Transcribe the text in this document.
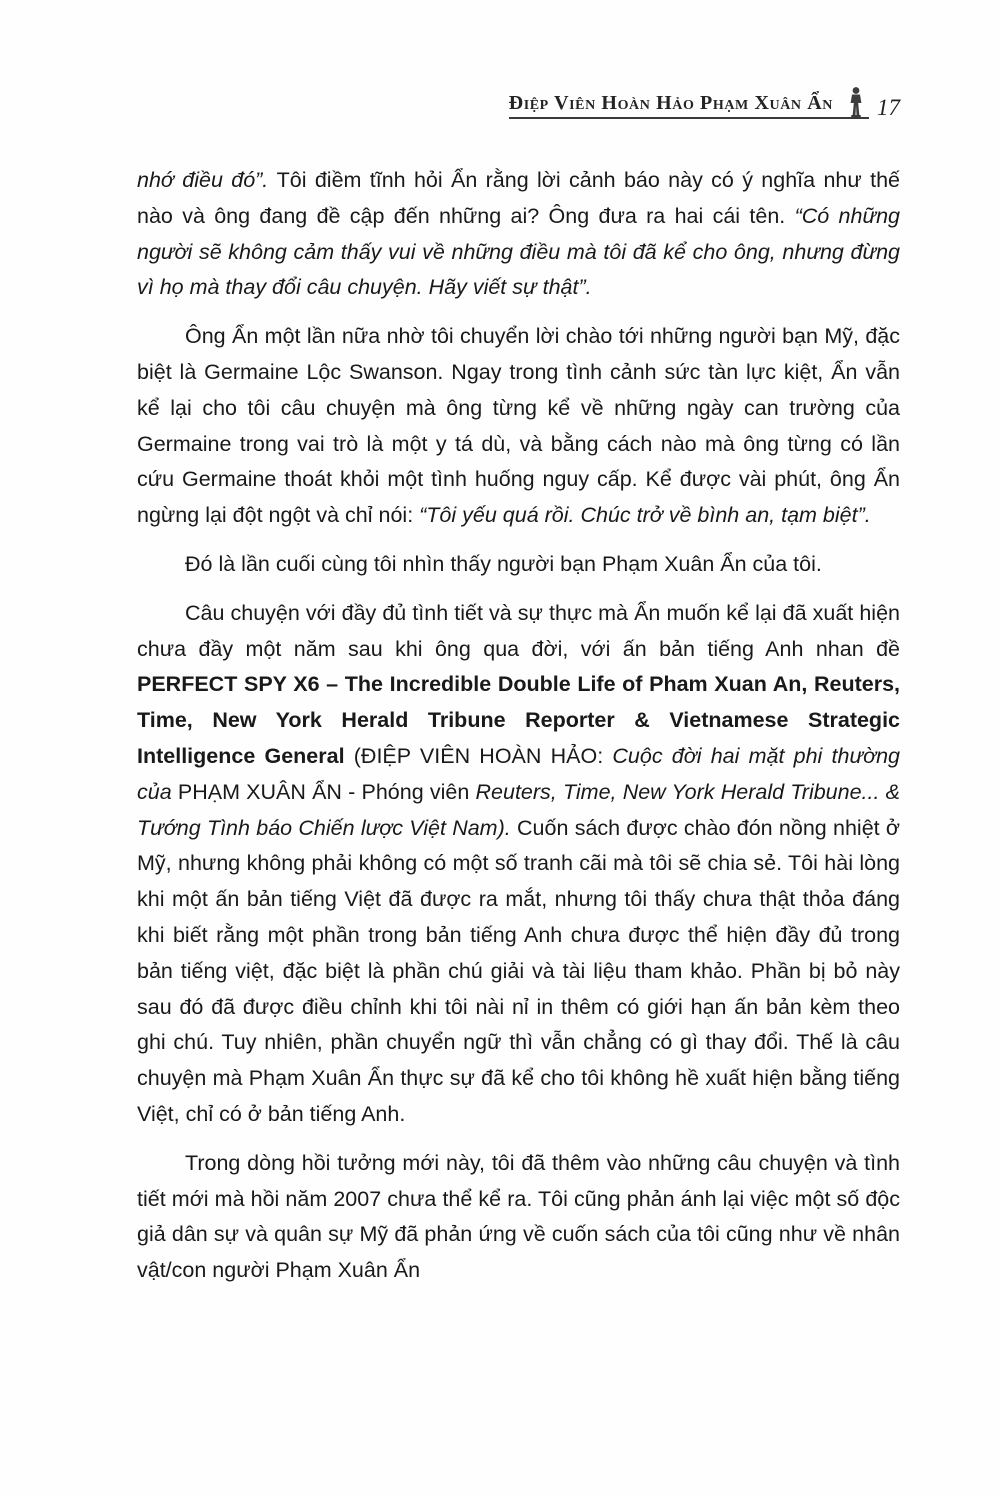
Điệp Viên Hoàn Hảo Phạm Xuân Ẩn	17

nhớ điều đó”. Tôi điềm tĩnh hỏi Ẩn rằng lời cảnh báo này có ý nghĩa như thế nào và ông đang đề cập đến những ai? Ông đưa ra hai cái tên. “Có những người sẽ không cảm thấy vui về những điều mà tôi đã kể cho ông, nhưng đừng vì họ mà thay đổi câu chuyện. Hãy viết sự thật”.

Ông Ẩn một lần nữa nhờ tôi chuyển lời chào tới những người bạn Mỹ, đặc biệt là Germaine Lộc Swanson. Ngay trong tình cảnh sức tàn lực kiệt, Ẩn vẫn kể lại cho tôi câu chuyện mà ông từng kể về những ngày can trường của Germaine trong vai trò là một y tá dù, và bằng cách nào mà ông từng có lần cứu Germaine thoát khỏi một tình huống nguy cấp. Kể được vài phút, ông Ẩn ngừng lại đột ngột và chỉ nói: “Tôi yếu quá rồi. Chúc trở về bình an, tạm biệt”.

Đó là lần cuối cùng tôi nhìn thấy người bạn Phạm Xuân Ẩn của tôi.

Câu chuyện với đầy đủ tình tiết và sự thực mà Ẩn muốn kể lại đã xuất hiện chưa đầy một năm sau khi ông qua đời, với ấn bản tiếng Anh nhan đề PERFECT SPY X6 – The Incredible Double Life of Pham Xuan An, Reuters, Time, New York Herald Tribune Reporter & Vietnamese Strategic Intelligence General (ĐIỆP VIÊN HOÀN HẢO: Cuộc đời hai mặt phi thường của PHẠM XUÂN ẨN - Phóng viên Reuters, Time, New York Herald Tribune... & Tướng Tình báo Chiến lược Việt Nam). Cuốn sách được chào đón nồng nhiệt ở Mỹ, nhưng không phải không có một số tranh cãi mà tôi sẽ chia sẻ. Tôi hài lòng khi một ấn bản tiếng Việt đã được ra mắt, nhưng tôi thấy chưa thật thỏa đáng khi biết rằng một phần trong bản tiếng Anh chưa được thể hiện đầy đủ trong bản tiếng việt, đặc biệt là phần chú giải và tài liệu tham khảo. Phần bị bỏ này sau đó đã được điều chỉnh khi tôi nài nỉ in thêm có giới hạn ấn bản kèm theo ghi chú. Tuy nhiên, phần chuyển ngữ thì vẫn chẳng có gì thay đổi. Thế là câu chuyện mà Phạm Xuân Ẩn thực sự đã kể cho tôi không hề xuất hiện bằng tiếng Việt, chỉ có ở bản tiếng Anh.

Trong dòng hồi tưởng mới này, tôi đã thêm vào những câu chuyện và tình tiết mới mà hồi năm 2007 chưa thể kể ra. Tôi cũng phản ánh lại việc một số độc giả dân sự và quân sự Mỹ đã phản ứng về cuốn sách của tôi cũng như về nhân vật/con người Phạm Xuân Ẩn
